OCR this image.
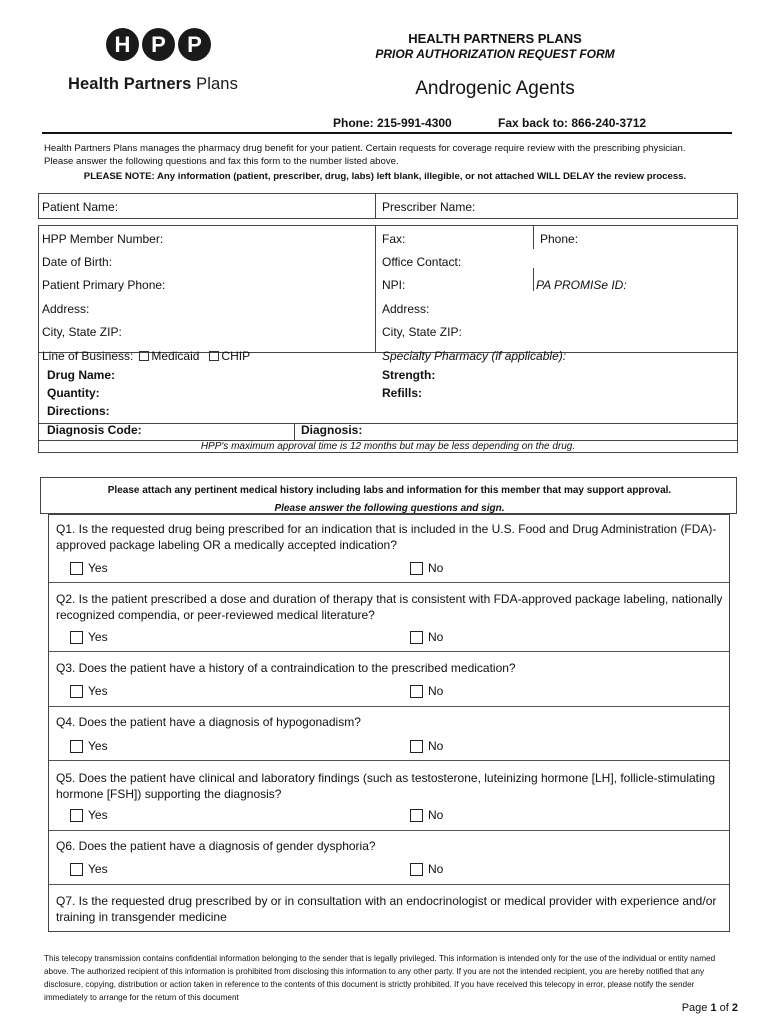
H P P
Health Partners Plans
HEALTH PARTNERS PLANS
PRIOR AUTHORIZATION REQUEST FORM
Androgenic Agents
Phone: 215-991-4300	Fax back to: 866-240-3712
Health Partners Plans manages the pharmacy drug benefit for your patient. Certain requests for coverage require review with the prescribing physician.
Please answer the following questions and fax this form to the number listed above.
PLEASE NOTE: Any information (patient, prescriber, drug, labs) left blank, illegible, or not attached WILL DELAY the review process.
Patient Name:	Prescriber Name:
HPP Member Number:	Fax:	Phone:
Date of Birth:	Office Contact:
Patient Primary Phone:	NPI:	PA PROMISe ID:
Address:	Address:
City, State ZIP:	City, State ZIP:
Line of Business: Medicaid CHIP	Specialty Pharmacy (if applicable):
Drug Name:	Strength:
Quantity:	Refills:
Directions:
Diagnosis Code:	Diagnosis:
HPP's maximum approval time is 12 months but may be less depending on the drug.
Please attach any pertinent medical history including labs and information for this member that may support approval.
Please answer the following questions and sign.
Q1. Is the requested drug being prescribed for an indication that is included in the U.S. Food and Drug Administration (FDA)-approved package labeling OR a medically accepted indication?
Yes	No
Q2. Is the patient prescribed a dose and duration of therapy that is consistent with FDA-approved package labeling, nationally recognized compendia, or peer-reviewed medical literature?
Yes	No
Q3. Does the patient have a history of a contraindication to the prescribed medication?
Yes	No
Q4. Does the patient have a diagnosis of hypogonadism?
Yes	No
Q5. Does the patient have clinical and laboratory findings (such as testosterone, luteinizing hormone [LH], follicle-stimulating hormone [FSH]) supporting the diagnosis?
Yes	No
Q6. Does the patient have a diagnosis of gender dysphoria?
Yes	No
Q7. Is the requested drug prescribed by or in consultation with an endocrinologist or medical provider with experience and/or training in transgender medicine
This telecopy transmission contains confidential information belonging to the sender that is legally privileged. This information is intended only for the use of the individual or entity named above. The authorized recipient of this information is prohibited from disclosing this information to any other party. If you are not the intended recipient, you are hereby notified that any disclosure, copying, distribution or action taken in reference to the contents of this document is strictly prohibited. If you have received this telecopy in error, please notify the sender immediately to arrange for the return of this document
Page 1 of 2
